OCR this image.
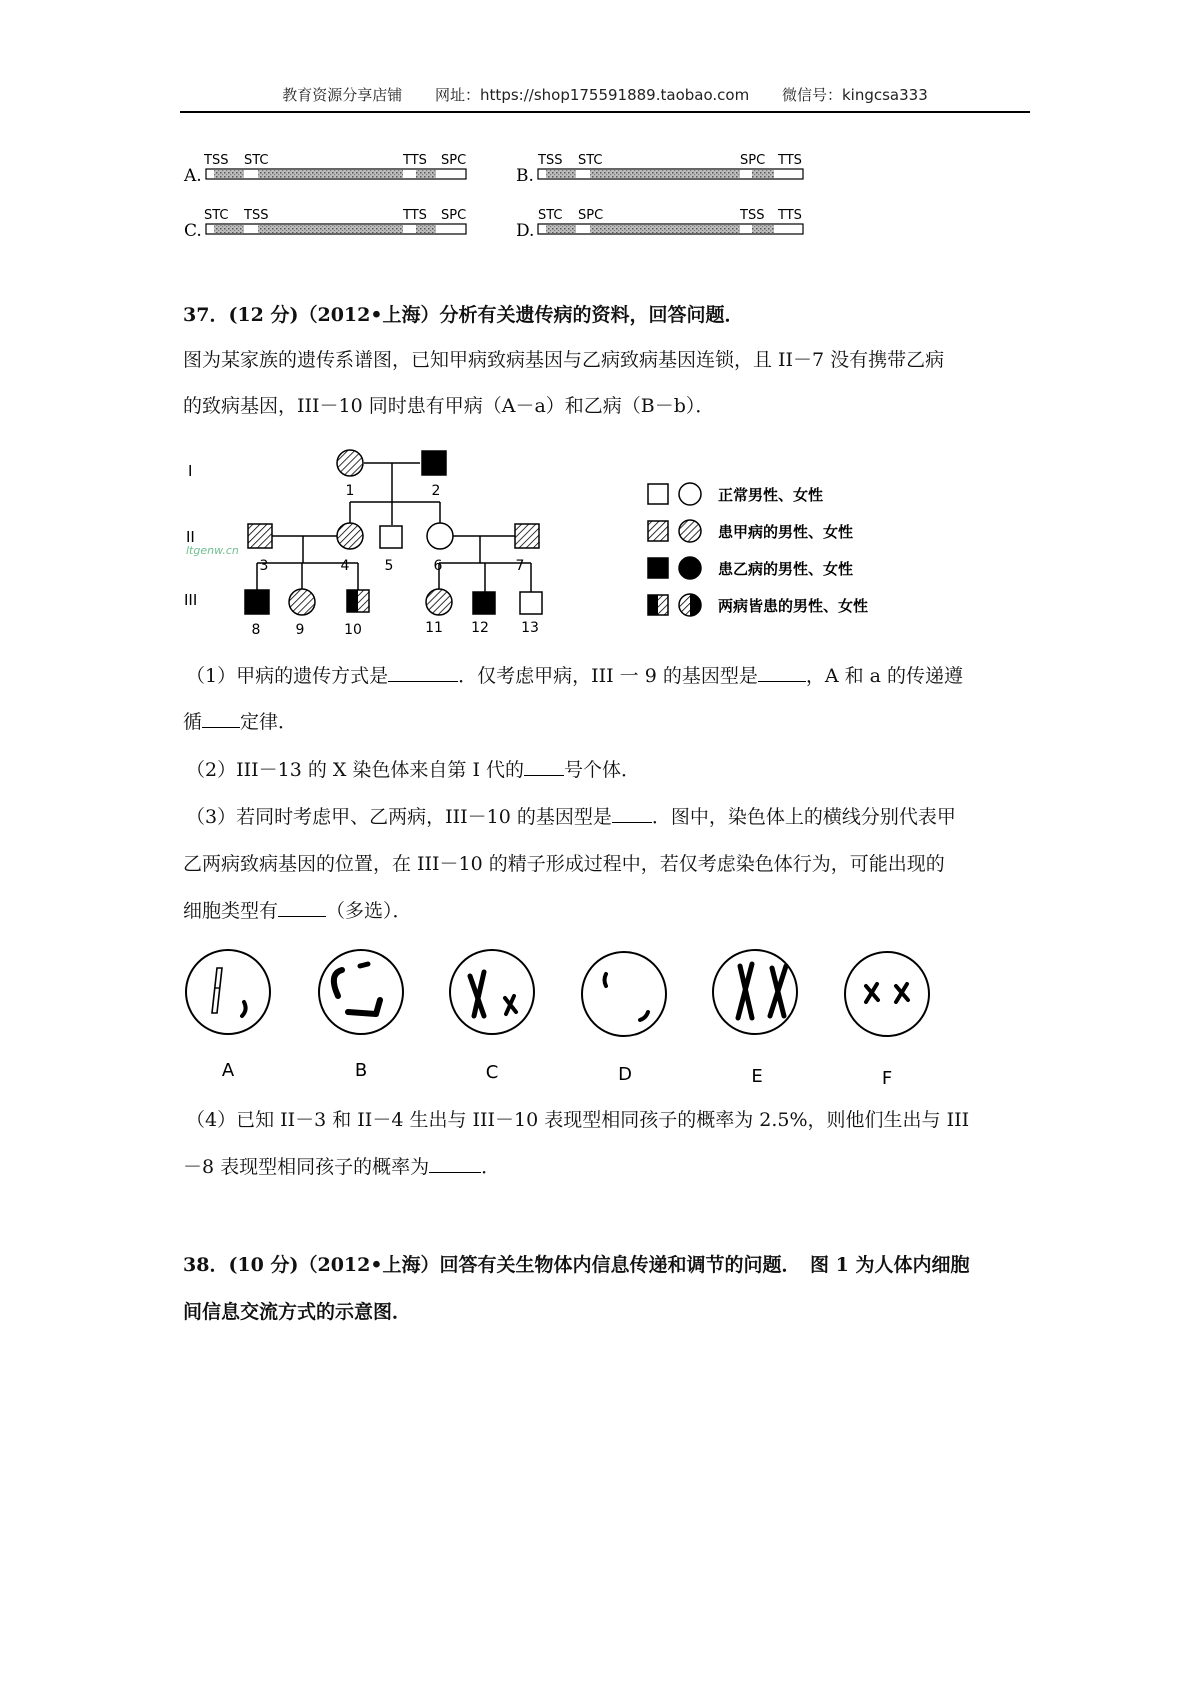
教育资源分享店铺 网址：https://shop175591889.taobao.com 微信号：kingcsa333
A.
TSS STC	TTS SPC
B.
TSS STC	SPC TTS
C.
STC TSS	TTS SPC
D.
STC SPC	TSS TTS
37．(12 分)（2012•上海）分析有关遗传病的资料，回答问题．
图为某家族的遗传系谱图，已知甲病致病基因与乙病致病基因连锁，且 II－7 没有携带乙病
的致病基因，III－10 同时患有甲病（A－a）和乙病（B－b）．
I
II
III
1	2
3	4	5	6	7
8	9	10	11 12 13
ltgenw.cn
正常男性、女性
患甲病的男性、女性
患乙病的男性、女性
两病皆患的男性、女性
（1）甲病的遗传方式是	．仅考虑甲病，III 一 9 的基因型是	，A 和 a 的传递遵
循 定律．
（2）III－13 的 X 染色体来自第 I 代的 号个体．
（3）若同时考虑甲、乙两病，III－10 的基因型是 ．图中，染色体上的横线分别代表甲
乙两病致病基因的位置，在 III－10 的精子形成过程中，若仅考虑染色体行为，可能出现的
细胞类型有	（多选）．
A	B	C	D	E	F
（4）已知 II－3 和 II－4 生出与 III－10 表现型相同孩子的概率为 2.5%，则他们生出与 III
－8 表现型相同孩子的概率为	．
38．(10 分)（2012•上海）回答有关生物体内信息传递和调节的问题．　图 1 为人体内细胞
间信息交流方式的示意图．
